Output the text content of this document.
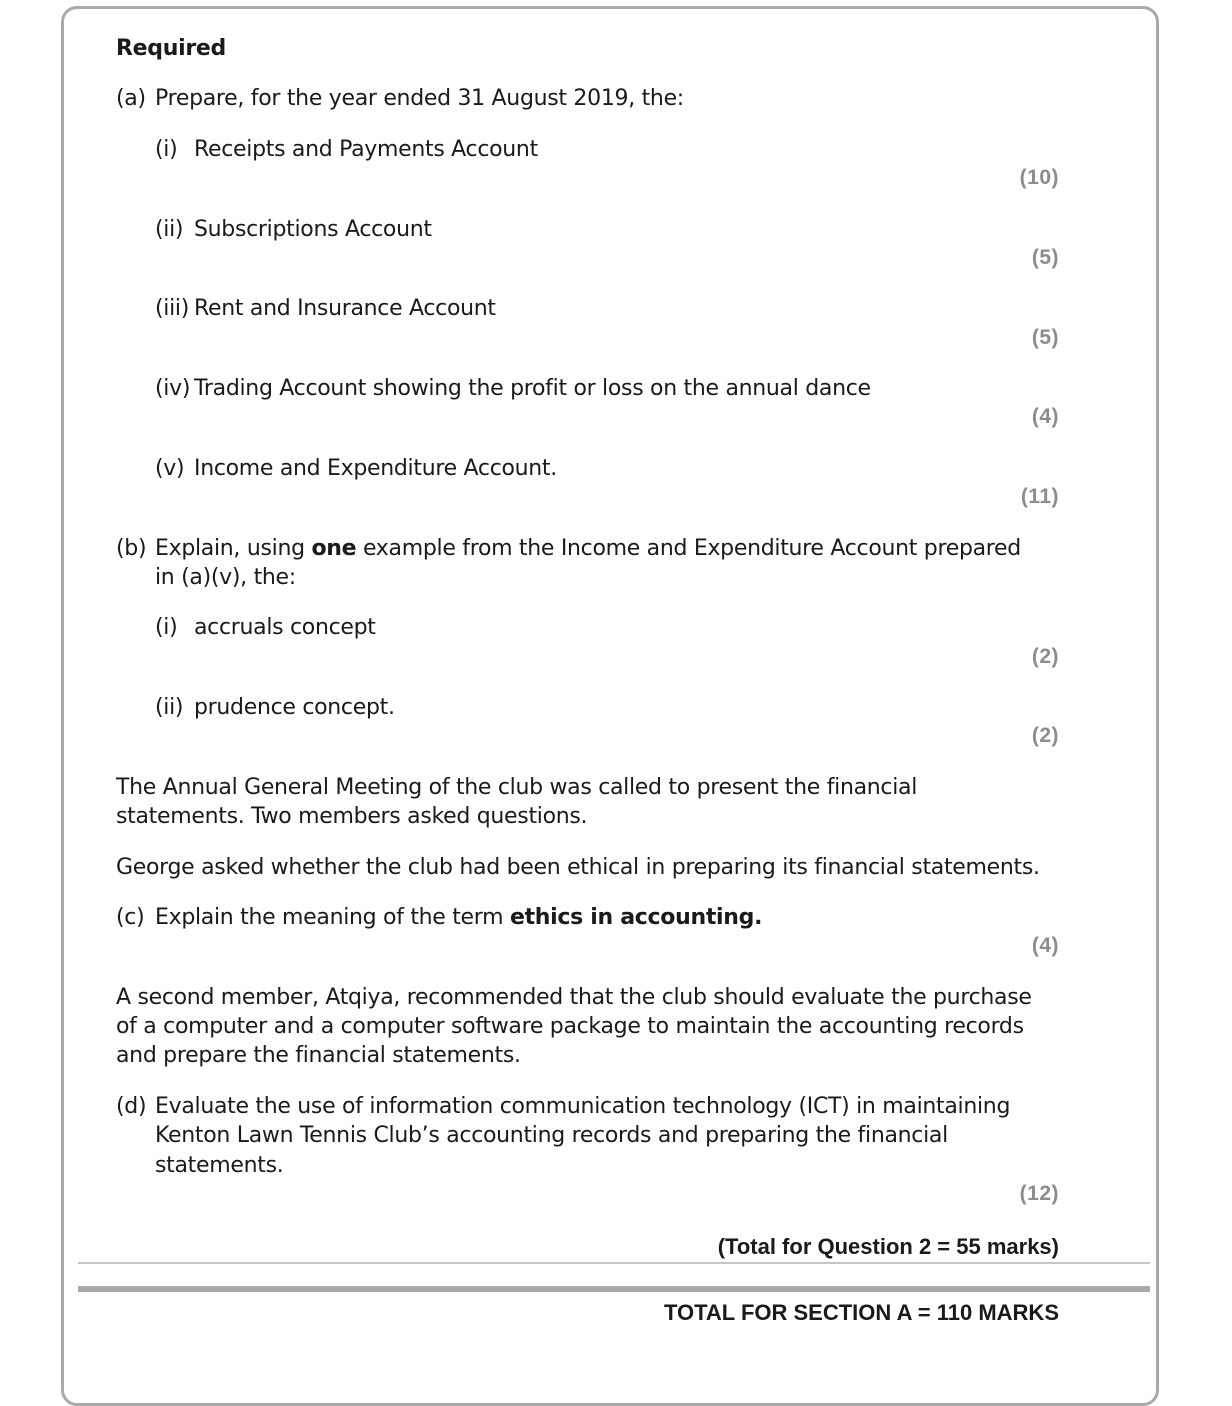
Required
(a) Prepare, for the year ended 31 August 2019, the:
(i) Receipts and Payments Account
(10)
(ii) Subscriptions Account
(5)
(iii) Rent and Insurance Account
(5)
(iv) Trading Account showing the profit or loss on the annual dance
(4)
(v) Income and Expenditure Account.
(11)
(b) Explain, using one example from the Income and Expenditure Account prepared
in (a)(v), the:
(i) accruals concept
(2)
(ii) prudence concept.
(2)
The Annual General Meeting of the club was called to present the financial
statements. Two members asked questions.
George asked whether the club had been ethical in preparing its financial statements.
(c) Explain the meaning of the term ethics in accounting.
(4)
A second member, Atqiya, recommended that the club should evaluate the purchase
of a computer and a computer software package to maintain the accounting records
and prepare the financial statements.
(d) Evaluate the use of information communication technology (ICT) in maintaining
Kenton Lawn Tennis Club’s accounting records and preparing the financial
statements.
(12)
(Total for Question 2 = 55 marks)
TOTAL FOR SECTION A = 110 MARKS
